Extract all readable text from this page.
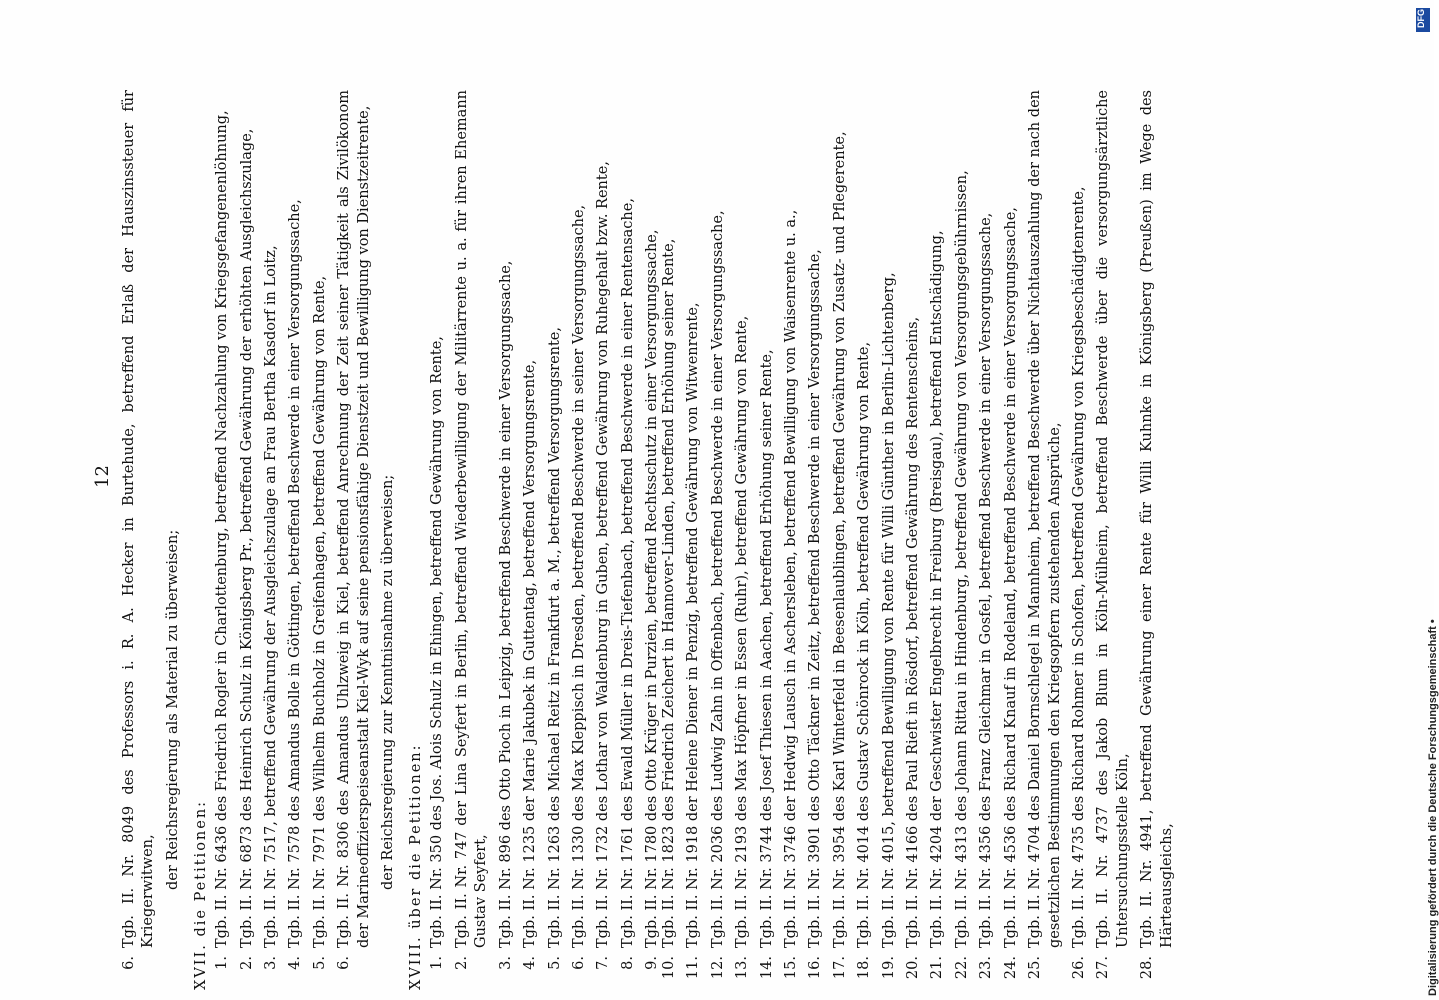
12
6.
Tgb. II. Nr. 8049 des Professors i. R. A. Hecker in Burtehude, betreffend Erlaß der Hauszinssteuer für Kriegerwitwen,
der Reichsregierung als Material zu überweisen;
XVII. die Petitionen: 1.
Tgb. II. Nr. 6436 des Friedrich Rogler in Charlottenburg, betreffend Nachzahlung von Kriegsgefangenenlöhnung,
2.
Tgb. II. Nr. 6873 des Heinrich Schulz in Königsberg Pr., betreffend Gewährung der erhöhten Ausgleichszulage,
3.
Tgb. II. Nr. 7517, betreffend Gewährung der Ausgleichszulage an Frau Bertha Kasdorf in Loitz,
4.
Tgb. II. Nr. 7578 des Amandus Bolle in Göttingen, betreffend Beschwerde in einer Versorgungssache,
5.
Tgb. II. Nr. 7971 des Wilhelm Buchholz in Greifenhagen, betreffend Gewährung von Rente,
6.
Tgb. II. Nr. 8306 des Amandus Uhlzweig in Kiel, betreffend Anrechnung der Zeit seiner Tätigkeit als Zivilökonom der Marineoffizierspeiseanstalt Kiel-Wyk auf seine pensionsfähige Dienstzeit und Bewilligung von Dienstzeitrente, der Reichsregierung zur Kenntnisnahme zu überweisen; XVIII. über die Petitionen: 1.
Tgb. II. Nr. 350 des Jos. Alois Schulz in Ehingen, betreffend Gewährung von Rente,
2.
Tgb. II. Nr. 747 der Lina Seyfert in Berlin, betreffend Wiederbewilligung der Militärrente u. a. für ihren Ehemann Gustav Seyfert,
3.
Tgb. II. Nr. 896 des Otto Pioch in Leipzig, betreffend Beschwerde in einer Versorgungssache,
4.
Tgb. II. Nr. 1235 der Marie Jakubek in Guttentag, betreffend Versorgungsrente,
5.
Tgb. II. Nr. 1263 des Michael Reitz in Frankfurt a. M., betreffend Versorgungsrente,
6.
Tgb. II. Nr. 1330 des Max Kleppisch in Dresden, betreffend Beschwerde in seiner Versorgungssache,
7.
Tgb. II. Nr. 1732 des Lothar von Waldenburg in Guben, betreffend Gewährung von Ruhegehalt bzw. Rente,
8.
Tgb. II. Nr. 1761 des Ewald Müller in Dreis-Tiefenbach, betreffend Beschwerde in einer Rentensache,
9.
Tgb. II. Nr. 1780 des Otto Krüger in Purzien, betreffend Rechtsschutz in einer Versorgungssache,
10.
Tgb. II. Nr. 1823 des Friedrich Zeichert in Hannover-Linden, betreffend Erhöhung seiner Rente,
11.
Tgb. II. Nr. 1918 der Helene Diener in Penzig, betreffend Gewährung von Witwenrente,
12.
Tgb. II. Nr. 2036 des Ludwig Zahn in Offenbach, betreffend Beschwerde in einer Versorgungssache,
13.
Tgb. II. Nr. 2193 des Max Höpfner in Essen (Ruhr), betreffend Gewährung von Rente,
14.
Tgb. II. Nr. 3744 des Josef Thiesen in Aachen, betreffend Erhöhung seiner Rente,
15.
Tgb. II. Nr. 3746 der Hedwig Lausch in Aschersleben, betreffend Bewilligung von Waisenrente u. a.,
16.
Tgb. II. Nr. 3901 des Otto Täckner in Zeitz, betreffend Beschwerde in einer Versorgungssache,
17.
Tgb. II. Nr. 3954 des Karl Winterfeld in Beesenlaublingen, betreffend Gewährung von Zusatz- und Pflegerente,
18.
Tgb. II. Nr. 4014 des Gustav Schönrock in Köln, betreffend Gewährung von Rente,
19.
Tgb. II. Nr. 4015, betreffend Bewilligung von Rente für Willi Günther in Berlin-Lichtenberg,
20.
Tgb. II. Nr. 4166 des Paul Rieft in Rösdorf, betreffend Gewährung des Rentenscheins,
21.
Tgb. II. Nr. 4204 der Geschwister Engelbrecht in Freiburg (Breisgau), betreffend Entschädigung,
22.
Tgb. II. Nr. 4313 des Johann Rittau in Hindenburg, betreffend Gewährung von Versorgungsgebührnissen,
23.
Tgb. II. Nr. 4356 des Franz Gleichmar in Gosfel, betreffend Beschwerde in einer Versorgungssache,
24.
Tgb. II. Nr. 4536 des Richard Knauf in Rodeland, betreffend Beschwerde in einer Versorgungssache,
25.
Tgb. II. Nr. 4704 des Daniel Bornschlegel in Mannheim, betreffend Beschwerde über Nichtauszahlung der nach den gesetzlichen Bestimmungen den Kriegsopfern zustehenden Ansprüche,
26.
Tgb. II. Nr. 4735 des Richard Rohmer in Schofen, betreffend Gewährung von Kriegsbeschädigtenrente,
27.
Tgb. II. Nr. 4737 des Jakob Blum in Köln-Mülheim, betreffend Beschwerde über die versorgungsärztliche Untersuchungsstelle Köln,
28.
Tgb. II. Nr. 4941, betreffend Gewährung einer Rente für Willi Kuhnke in Königsberg (Preußen) im Wege des Härteausgleichs,	Digitalisierung gefördert durch die Deutsche Forschungsgemeinschaft •
DFG
